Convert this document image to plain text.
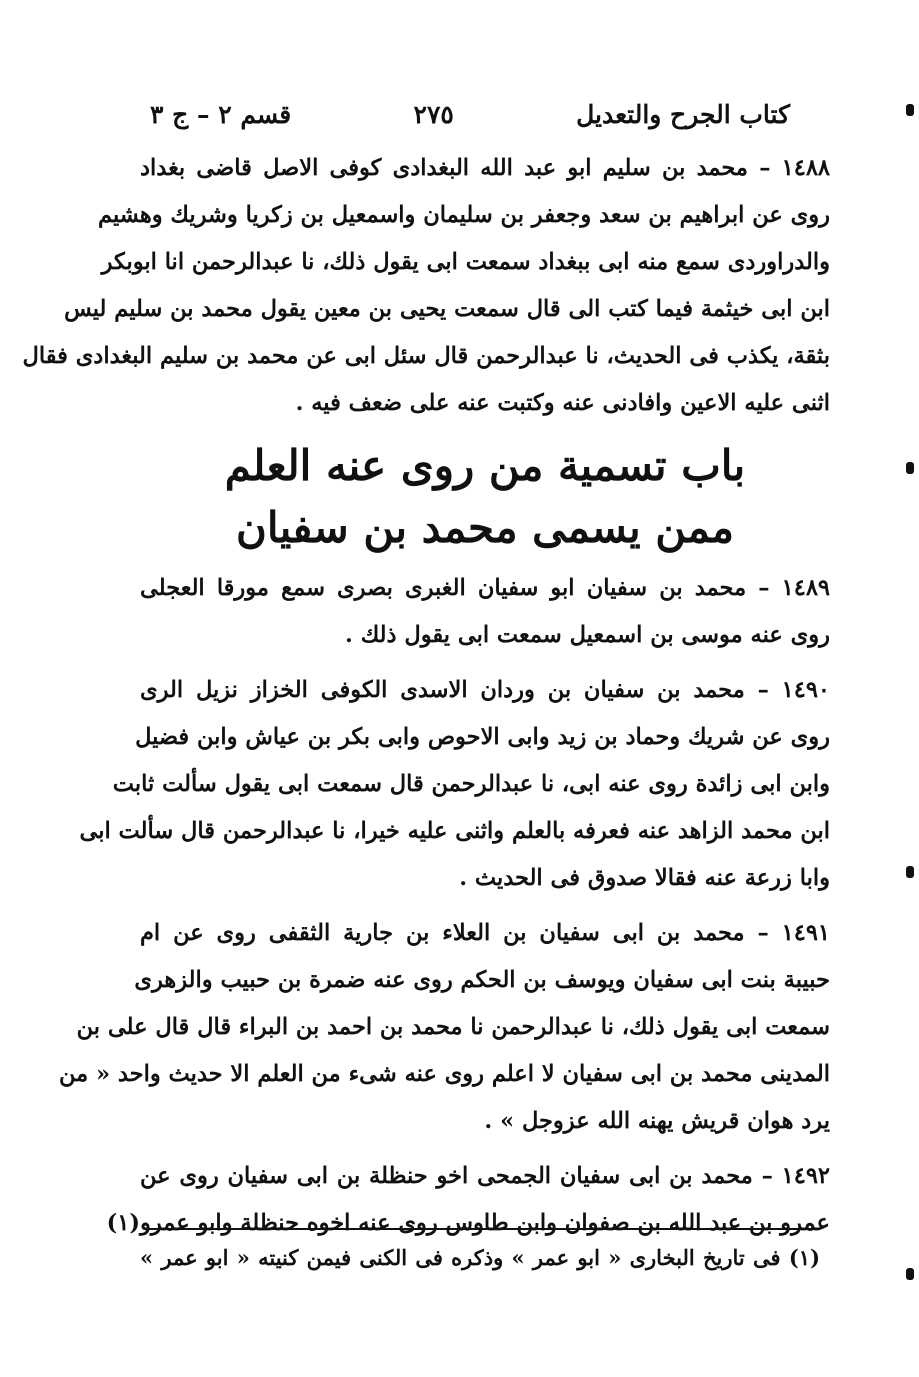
كتاب الجرح والتعديل
٢٧٥
قسم ٢ – ج ٣

١٤٨٨ – محمد بن سليم ابو عبد الله البغدادى كوفى الاصل قاضى بغداد

روى عن ابراهيم بن سعد وجعفر بن سليمان واسمعيل بن زكريا وشريك وهشيم

والدراوردى سمع منه ابى ببغداد سمعت ابى يقول ذلك، نا عبدالرحمن انا ابوبكر

ابن ابى خيثمة فيما كتب الى قال سمعت يحيى بن معين يقول محمد بن سليم ليس

بثقة، يكذب فى الحديث، نا عبدالرحمن قال سئل ابى عن محمد بن سليم البغدادى فقال

اثنى عليه الاعين وافادنى عنه وكتبت عنه على ضعف فيه .

باب تسمية من روى عنه العلم
ممن يسمى محمد بن سفيان

١٤٨٩ – محمد بن سفيان ابو سفيان الغبرى بصرى سمع مورقا العجلى

روى عنه موسى بن اسمعيل سمعت ابى يقول ذلك .

١٤٩٠ – محمد بن سفيان بن وردان الاسدى الكوفى الخزاز نزيل الرى

روى عن شريك وحماد بن زيد وابى الاحوص وابى بكر بن عياش وابن فضيل

وابن ابى زائدة روى عنه ابى، نا عبدالرحمن قال سمعت ابى يقول سألت ثابت

ابن محمد الزاهد عنه فعرفه بالعلم واثنى عليه خيرا، نا عبدالرحمن قال سألت ابى

وابا زرعة عنه فقالا صدوق فى الحديث .

١٤٩١ – محمد بن ابى سفيان بن العلاء بن جارية الثقفى روى عن ام

حبيبة بنت ابى سفيان ويوسف بن الحكم روى عنه ضمرة بن حبيب والزهرى

سمعت ابى يقول ذلك، نا عبدالرحمن نا محمد بن احمد بن البراء قال قال على بن

المدينى محمد بن ابى سفيان لا اعلم روى عنه شىء من العلم الا حديث واحد « من

يرد هوان قريش يهنه الله عزوجل » .

١٤٩٢ – محمد بن ابى سفيان الجمحى اخو حنظلة بن ابى سفيان روى عن

عمرو بن عبد الله بن صفوان وابن طاوس روى عنه اخوه حنظلة وابو عمرو(١)

(١) فى تاريخ البخارى « ابو عمر » وذكره فى الكنى فيمن كنيته « ابو عمر »
